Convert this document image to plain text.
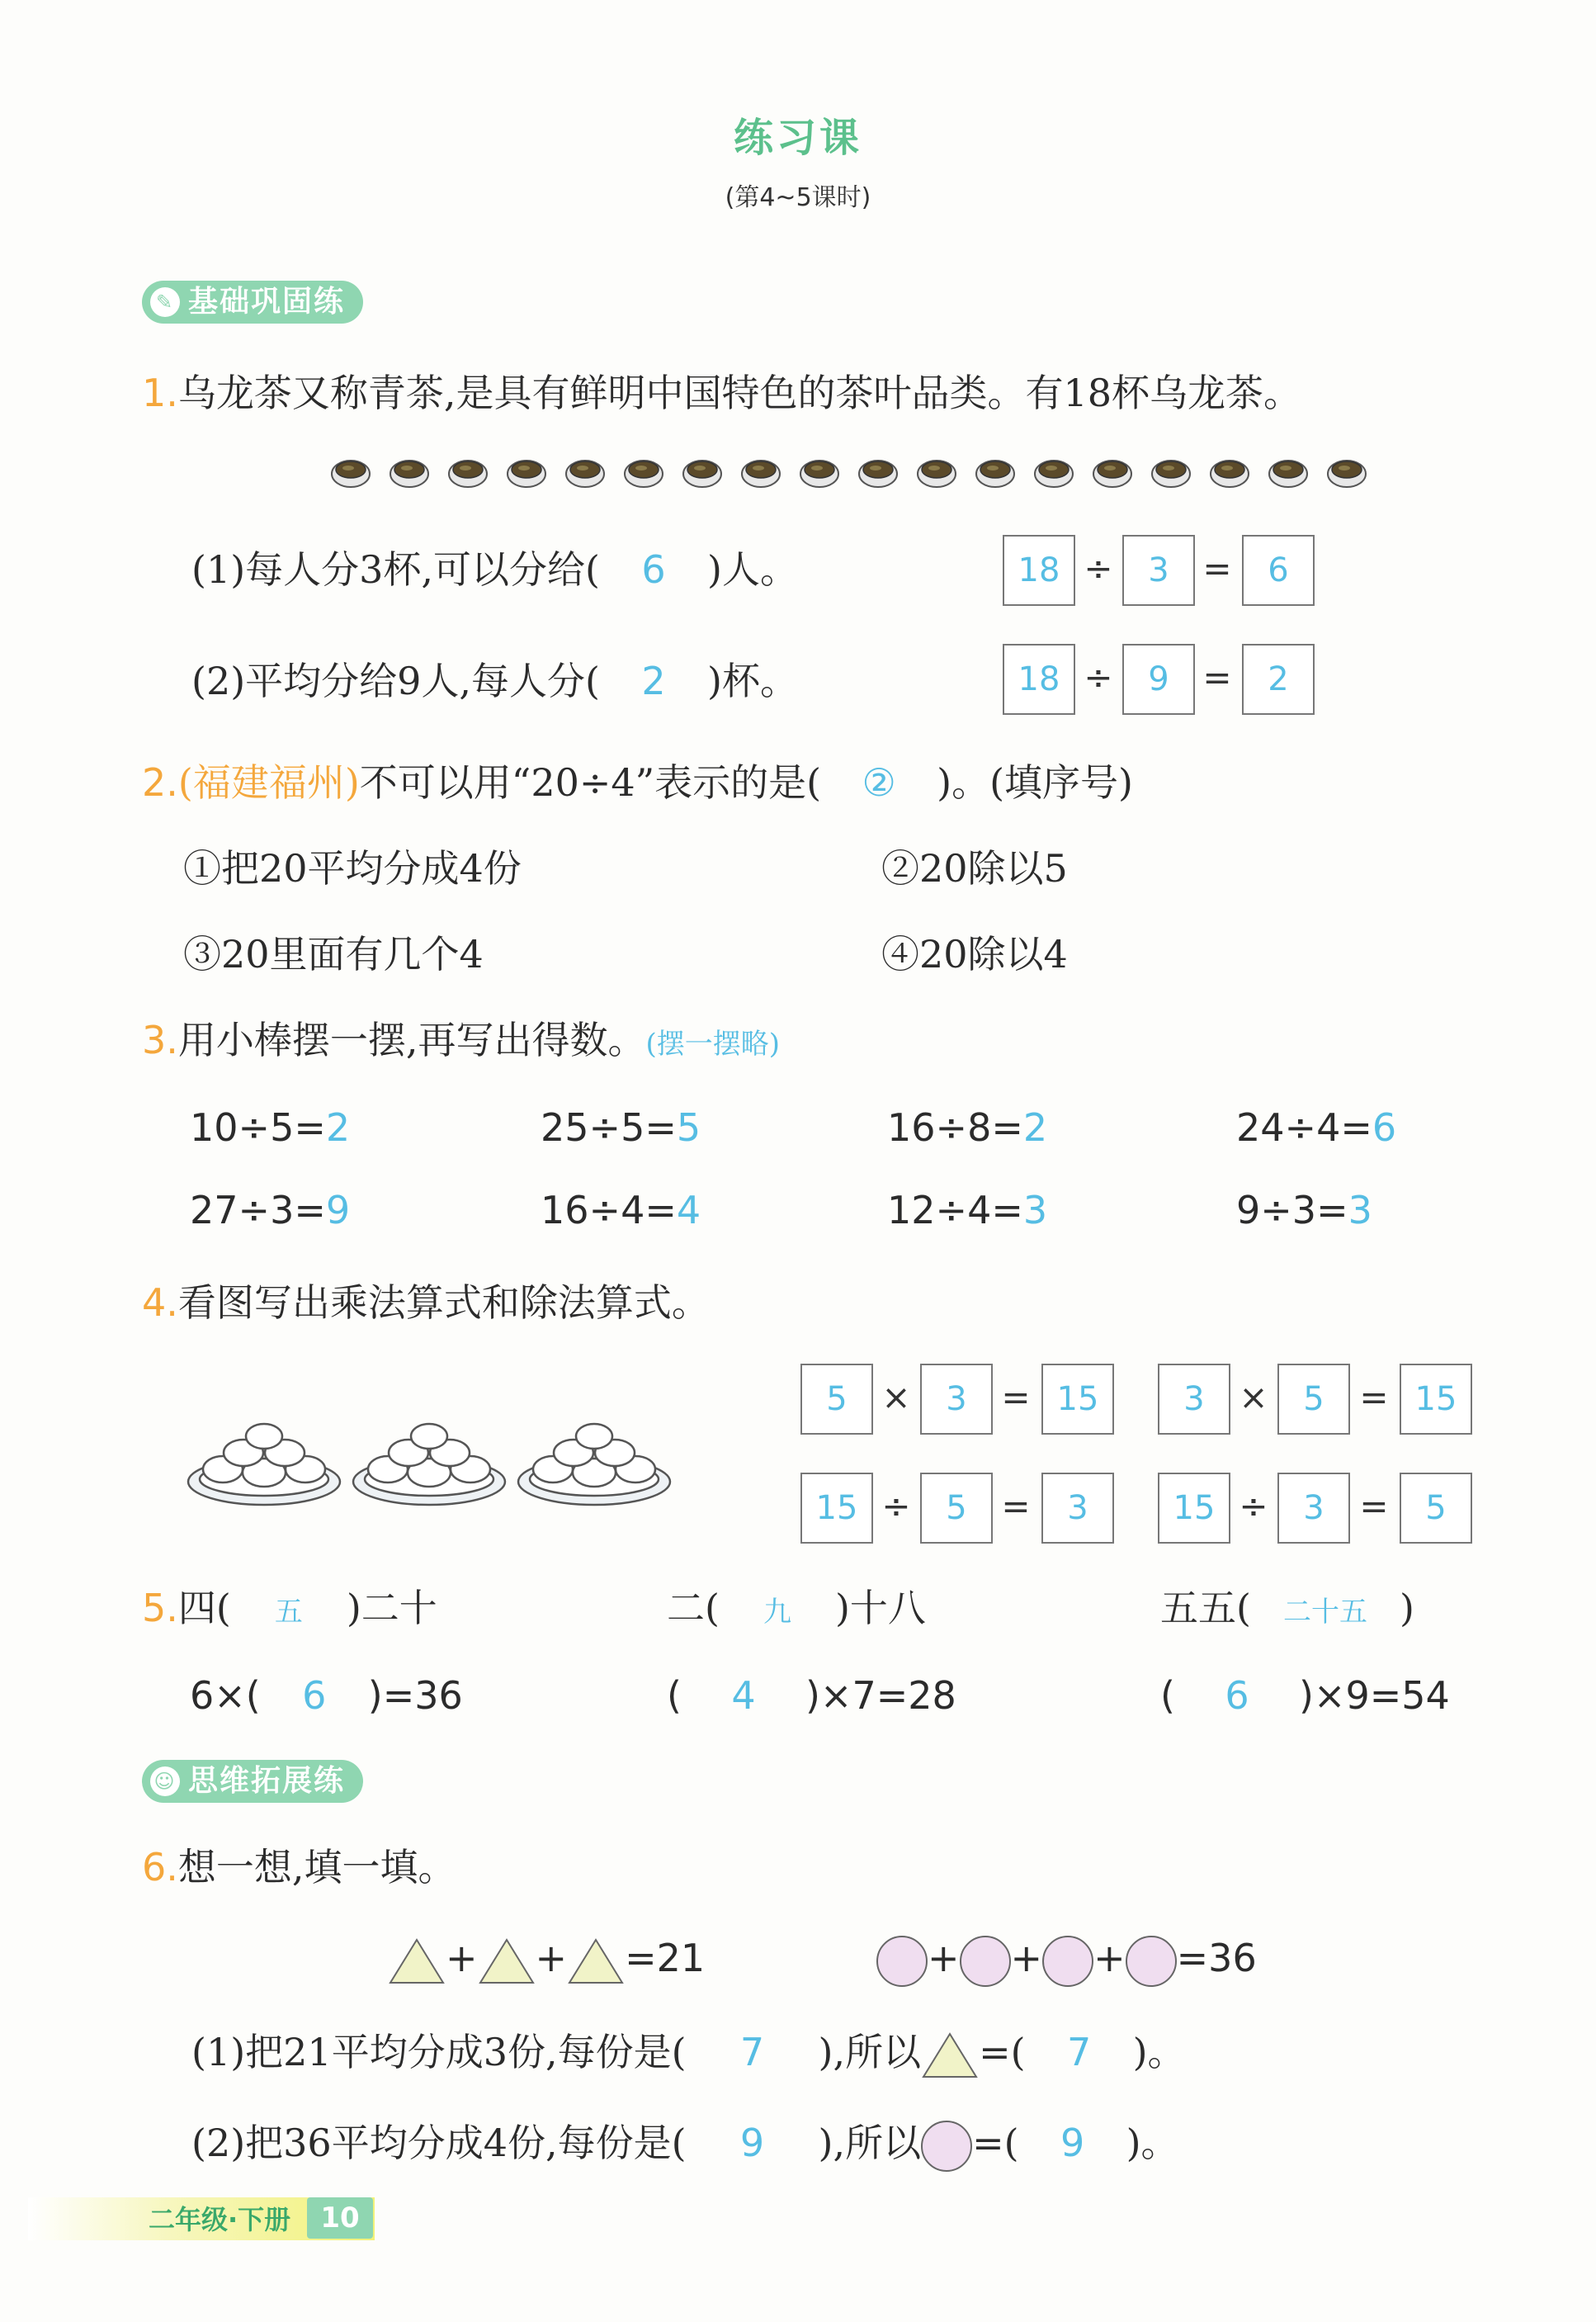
练习课
(第4~5课时)
✎ 基础巩固练
1.乌龙茶又称青茶,是具有鲜明中国特色的茶叶品类。有18杯乌龙茶。
(1)每人分3杯,可以分给( 6 )人。
(2)平均分给9人,每人分( 2 )杯。
18 ÷	3 =	6
18 ÷	9 =	2
2.(福建福州)不可以用“20÷4”表示的是( ② )。(填序号)
①把20平均分成4份	②20除以5
③20里面有几个4	④20除以4
3.用小棒摆一摆,再写出得数。(摆一摆略)
10÷5=2	25÷5=5	16÷8=2	24÷4=6
27÷3=9	16÷4=4	12÷4=3	9÷3=3
4.看图写出乘法算式和除法算式。
5 ×	3 = 15	3 ×	5	= 15
15 ÷	5 =	3	15 ÷	3	=	5
5.四( 五 )二十	二( 九 )十八	五五( 二十五 )
6×( 6 )=36	( 4 )×7=28	( 6 )×9=54
☺ 思维拓展练
6.想一想,填一填。
+ + =21	+ + + =36
(1)把21平均分成3份,每份是( 7 ),所以 =( 7 )。
(2)把36平均分成4份,每份是( 9 ),所以 =( 9 )。
二年级·下册	10
